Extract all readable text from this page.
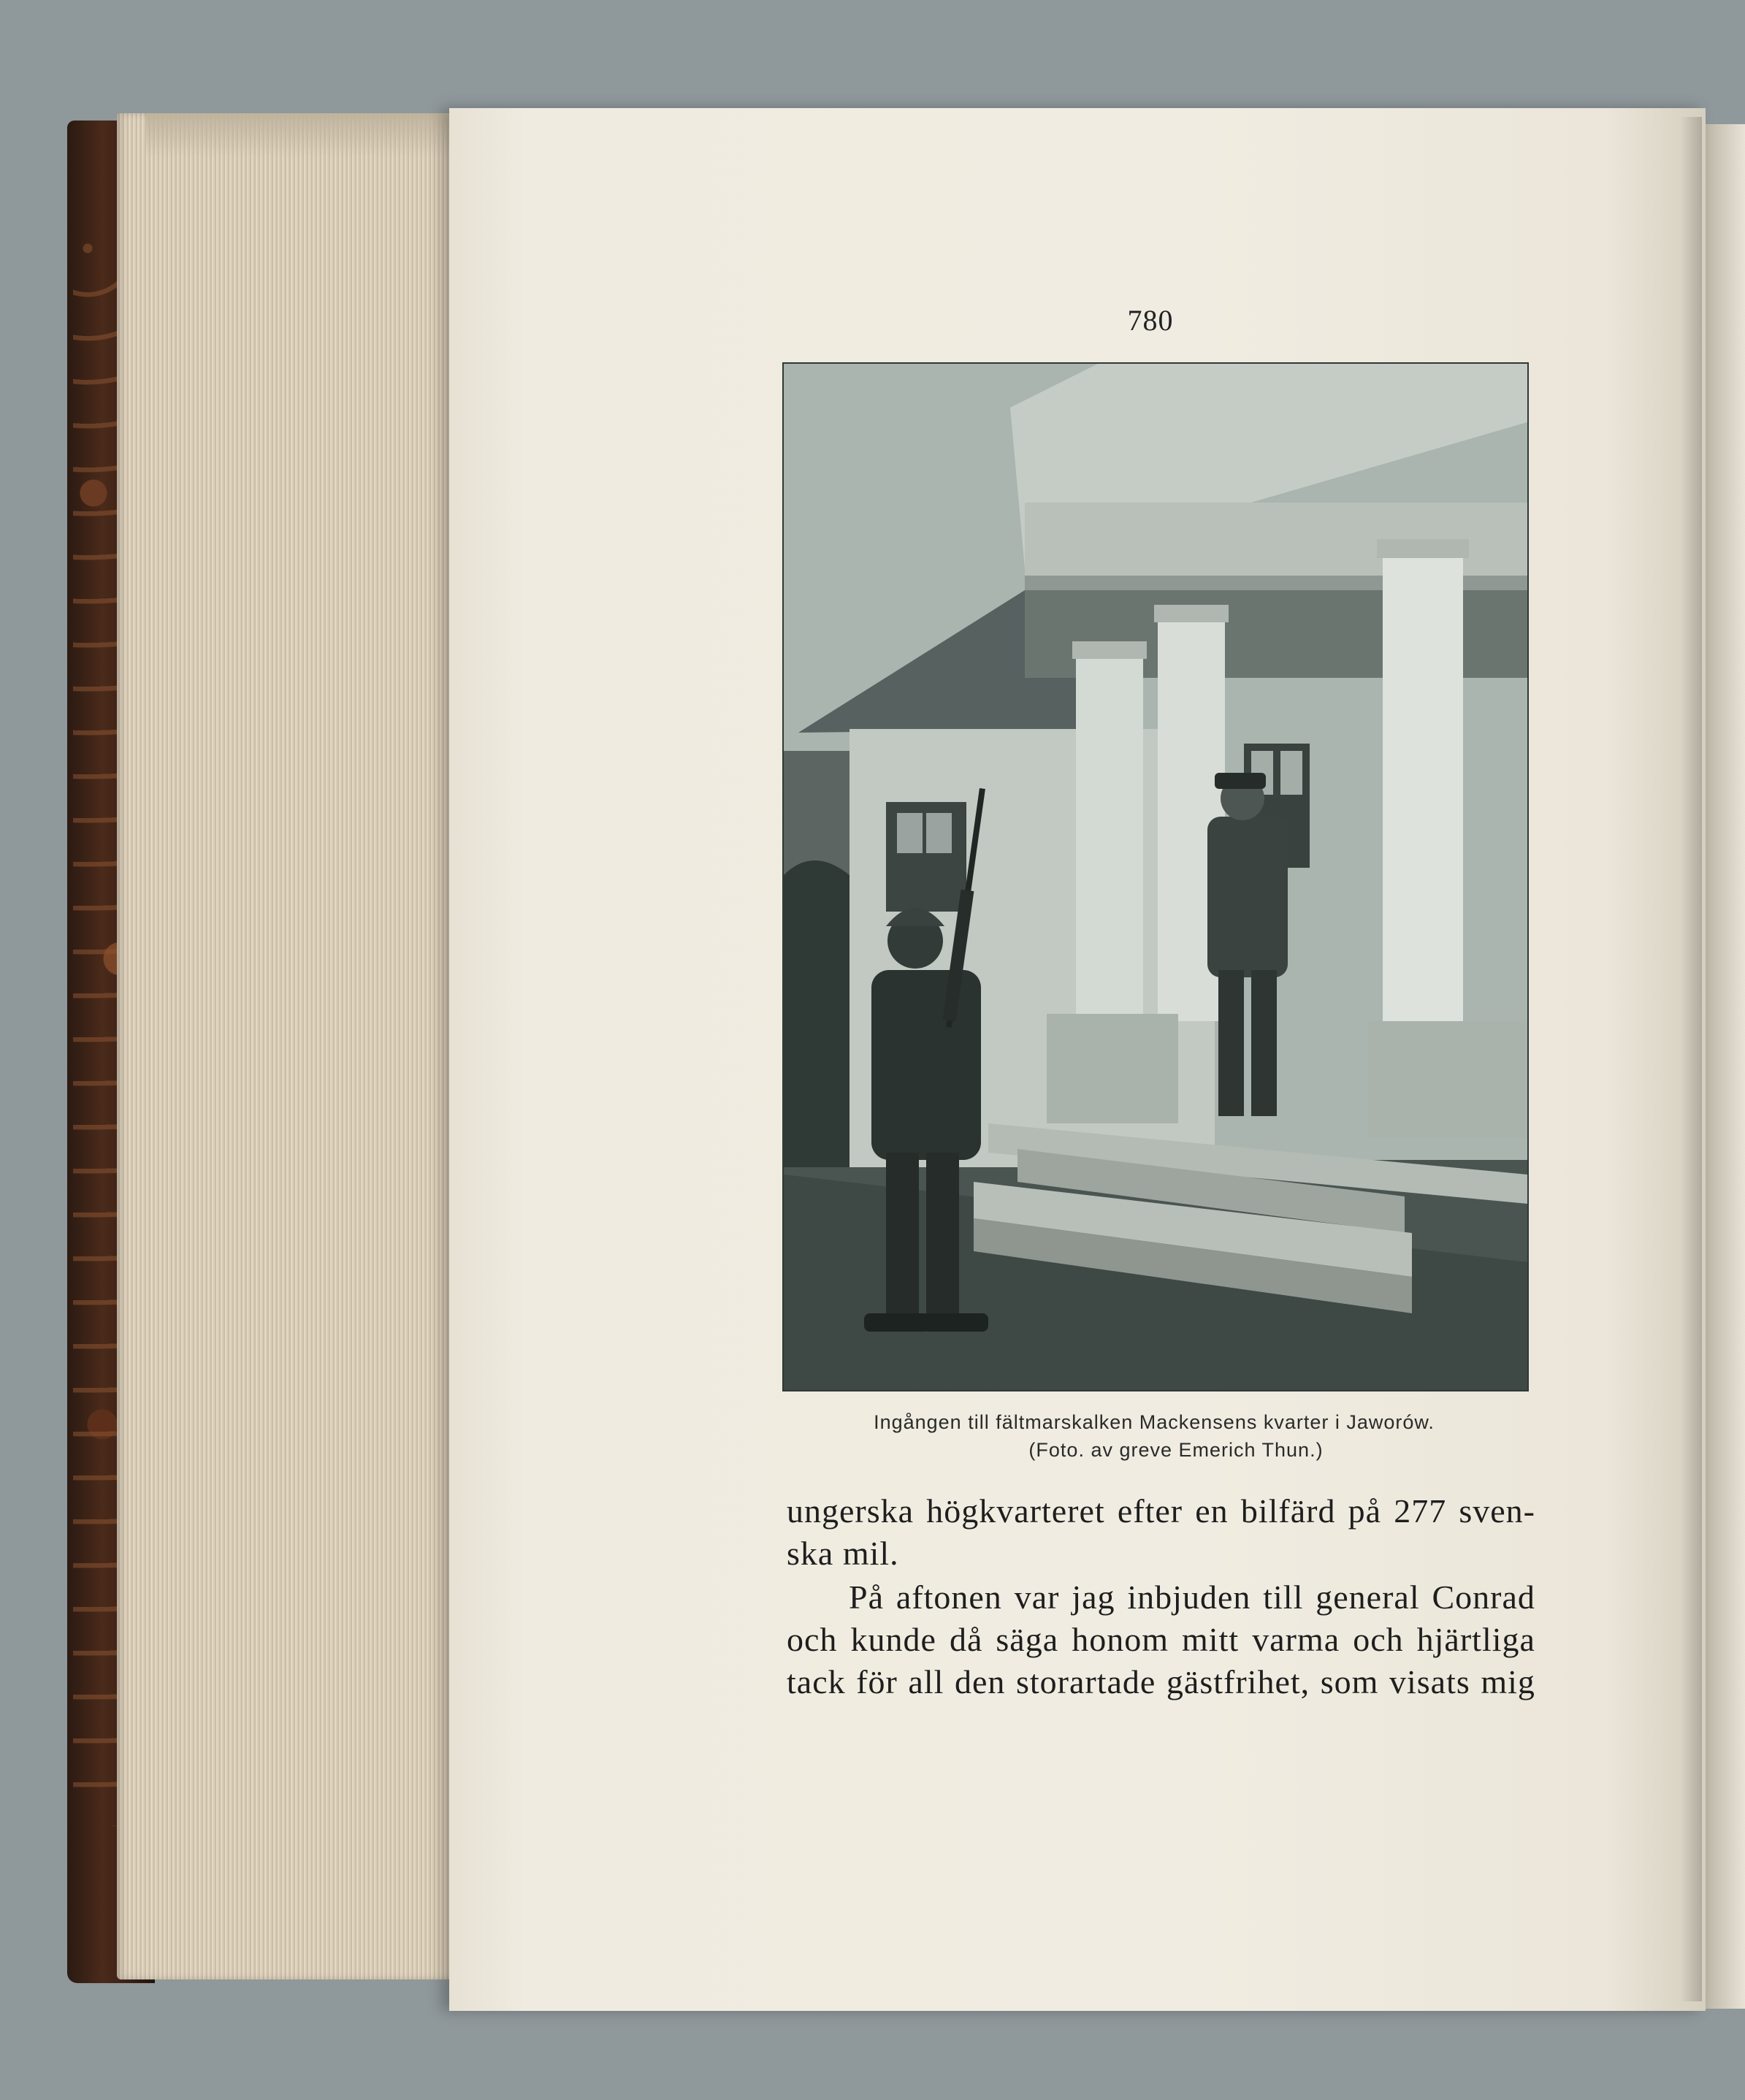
780
Ingången till fältmarskalken Mackensens kvarter i Jaworów.
(Foto. av greve Emerich Thun.)
ungerska högkvarteret efter en bilfärd på 277 sven-
ska mil.
På aftonen var jag inbjuden till general Conrad
och kunde då säga honom mitt varma och hjärtliga
tack för all den storartade gästfrihet, som visats mig
